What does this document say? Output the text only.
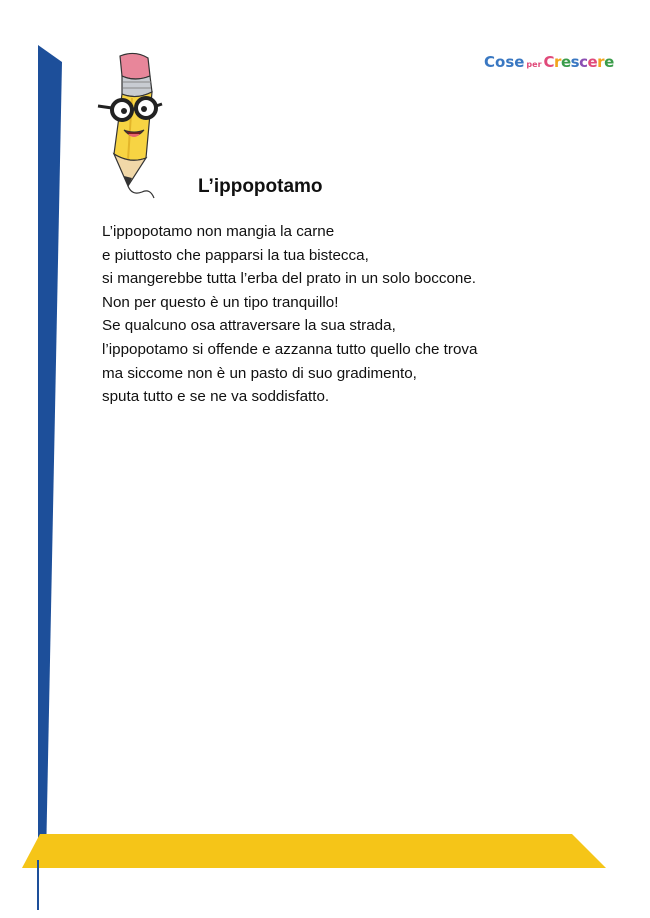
Cose per Crescere
L’ippopotamo
L’ippopotamo non mangia la carne
e piuttosto che papparsi la tua bistecca,
si mangerebbe tutta l’erba del prato in un solo boccone.
Non per questo è un tipo tranquillo!
Se qualcuno osa attraversare la sua strada,
l’ippopotamo si offende e azzanna tutto quello che trova
ma siccome non è un pasto di suo gradimento,
sputa tutto e se ne va soddisfatto.
